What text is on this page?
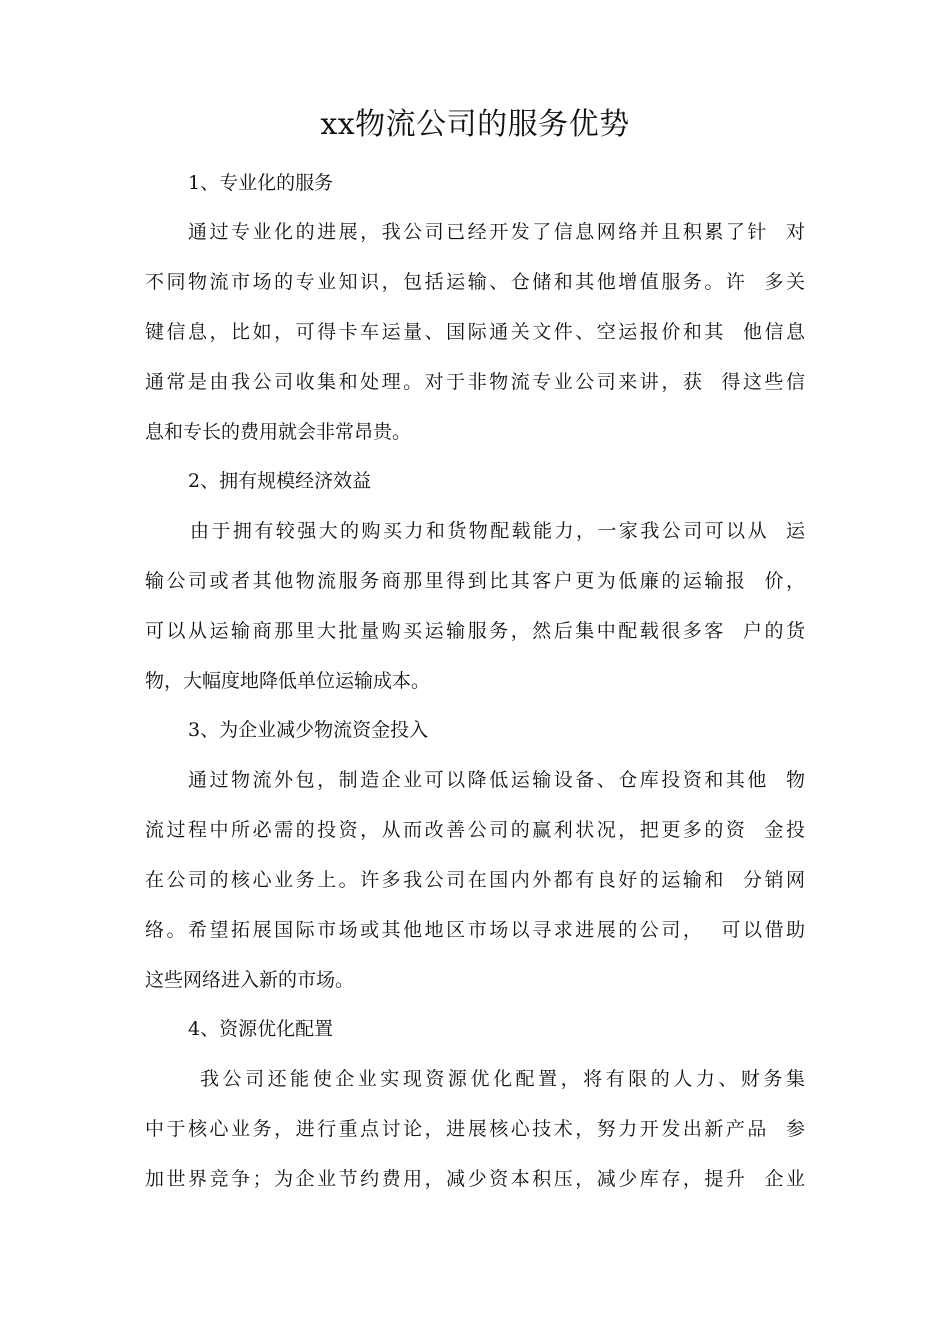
xx物流公司的服务优势
1、专业化的服务
通过专业化的进展，我公司已经开发了信息网络并且积累了针  对
不同物流市场的专业知识，包括运输、仓储和其他增值服务。许  多关
键信息，比如，可得卡车运量、国际通关文件、空运报价和其  他信息
通常是由我公司收集和处理。对于非物流专业公司来讲，获  得这些信
息和专长的费用就会非常昂贵。
2、拥有规模经济效益
由于拥有较强大的购买力和货物配载能力，一家我公司可以从  运
输公司或者其他物流服务商那里得到比其客户更为低廉的运输报  价，
可以从运输商那里大批量购买运输服务，然后集中配载很多客  户的货
物，大幅度地降低单位运输成本。
3、为企业减少物流资金投入
通过物流外包，制造企业可以降低运输设备、仓库投资和其他  物
流过程中所必需的投资，从而改善公司的赢利状况，把更多的资  金投
在公司的核心业务上。许多我公司在国内外都有良好的运输和  分销网
络。希望拓展国际市场或其他地区市场以寻求进展的公司，  可以借助
这些网络进入新的市场。
4、资源优化配置
我公司还能使企业实现资源优化配置，将有限的人力、财务集
中于核心业务，进行重点讨论，进展核心技术，努力开发出新产品  参
加世界竞争；为企业节约费用，减少资本积压，减少库存，提升  企业
